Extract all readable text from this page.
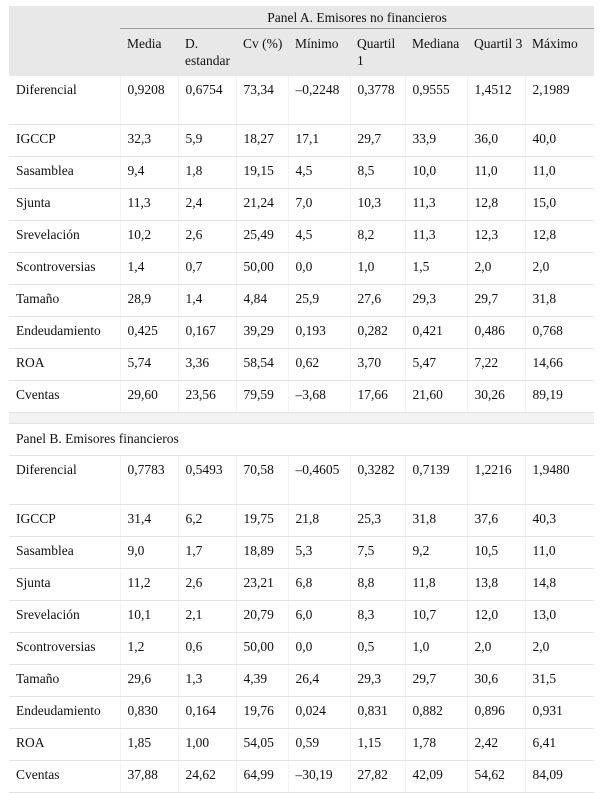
	Panel A. Emisores no financieros							
	Media	D. estandar	Cv (%)	Mínimo	Quartil 1	Mediana	Quartil 3	Máximo
Diferencial	0,9208	0,6754	73,34	–0,2248	0,3778	0,9555	1,4512	2,1989
IGCCP	32,3	5,9	18,27	17,1	29,7	33,9	36,0	40,0
Sasamblea	9,4	1,8	19,15	4,5	8,5	10,0	11,0	11,0
Sjunta	11,3	2,4	21,24	7,0	10,3	11,3	12,8	15,0
Srevelación	10,2	2,6	25,49	4,5	8,2	11,3	12,3	12,8
Scontroversias	1,4	0,7	50,00	0,0	1,0	1,5	2,0	2,0
Tamaño	28,9	1,4	4,84	25,9	27,6	29,3	29,7	31,8
Endeudamiento	0,425	0,167	39,29	0,193	0,282	0,421	0,486	0,768
ROA	5,74	3,36	58,54	0,62	3,70	5,47	7,22	14,66
Cventas	29,60	23,56	79,59	–3,68	17,66	21,60	30,26	89,19

Panel B. Emisores financieros								
Diferencial	0,7783	0,5493	70,58	–0,4605	0,3282	0,7139	1,2216	1,9480
IGCCP	31,4	6,2	19,75	21,8	25,3	31,8	37,6	40,3
Sasamblea	9,0	1,7	18,89	5,3	7,5	9,2	10,5	11,0
Sjunta	11,2	2,6	23,21	6,8	8,8	11,8	13,8	14,8
Srevelación	10,1	2,1	20,79	6,0	8,3	10,7	12,0	13,0
Scontroversias	1,2	0,6	50,00	0,0	0,5	1,0	2,0	2,0
Tamaño	29,6	1,3	4,39	26,4	29,3	29,7	30,6	31,5
Endeudamiento	0,830	0,164	19,76	0,024	0,831	0,882	0,896	0,931
ROA	1,85	1,00	54,05	0,59	1,15	1,78	2,42	6,41
Cventas	37,88	24,62	64,99	–30,19	27,82	42,09	54,62	84,09
